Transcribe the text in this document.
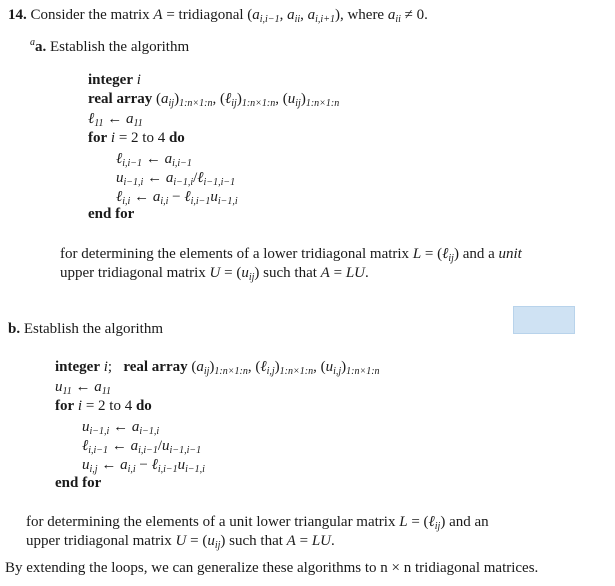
14. Consider the matrix A = tridiagonal ($a_{i,i-1}$, $a_{ii}$, $a_{i,i+1}$), where $a_{ii} \ne 0$.
$^a$a. Establish the algorithm
integer i
real array $(a_{ij})_{1:n\times 1:n}$, $(\ell_{ij})_{1:n\times 1:n}$, $(u_{ij})_{1:n\times 1:n}$
ℓ$_{11}$ ← $a_{11}$
for i = 2 to 4 do
ℓ$_{i,i-1}$ ← $a_{i,i-1}$
$u_{i-1,i}$ ← $a_{i-1,i}/\ell_{i-1,i-1}$
ℓ$_{i,i}$ ← $a_{i,i}$ − $\ell_{i,i-1}u_{i-1,i}$
end for
for determining the elements of a lower tridiagonal matrix L = (ℓ$_{ij}$) and a unit
upper tridiagonal matrix $U = (u_{ij})$ such that A = LU.
b. Establish the algorithm
integer i;   real array $(a_{ij})_{1:n\times 1:n}$, $(\ell_{i,j})_{1:n\times 1:n}$, $(u_{i,j})_{1:n\times 1:n}$
$u_{11}$ ← $a_{11}$
for i = 2 to 4 do
$u_{i-1,i}$ ← $a_{i-1,i}$
ℓ$_{i,i-1}$ ← $a_{i,i-1}/u_{i-1,i-1}$
$u_{i,j}$ ← $a_{i,i}$ − $\ell_{i,i-1}u_{i-1,i}$
end for
for determining the elements of a unit lower triangular matrix L = (ℓ$_{ij}$) and an
upper tridiagonal matrix $U = (u_{ij})$ such that A = LU.
By extending the loops, we can generalize these algorithms to n × n tridiagonal matrices.
